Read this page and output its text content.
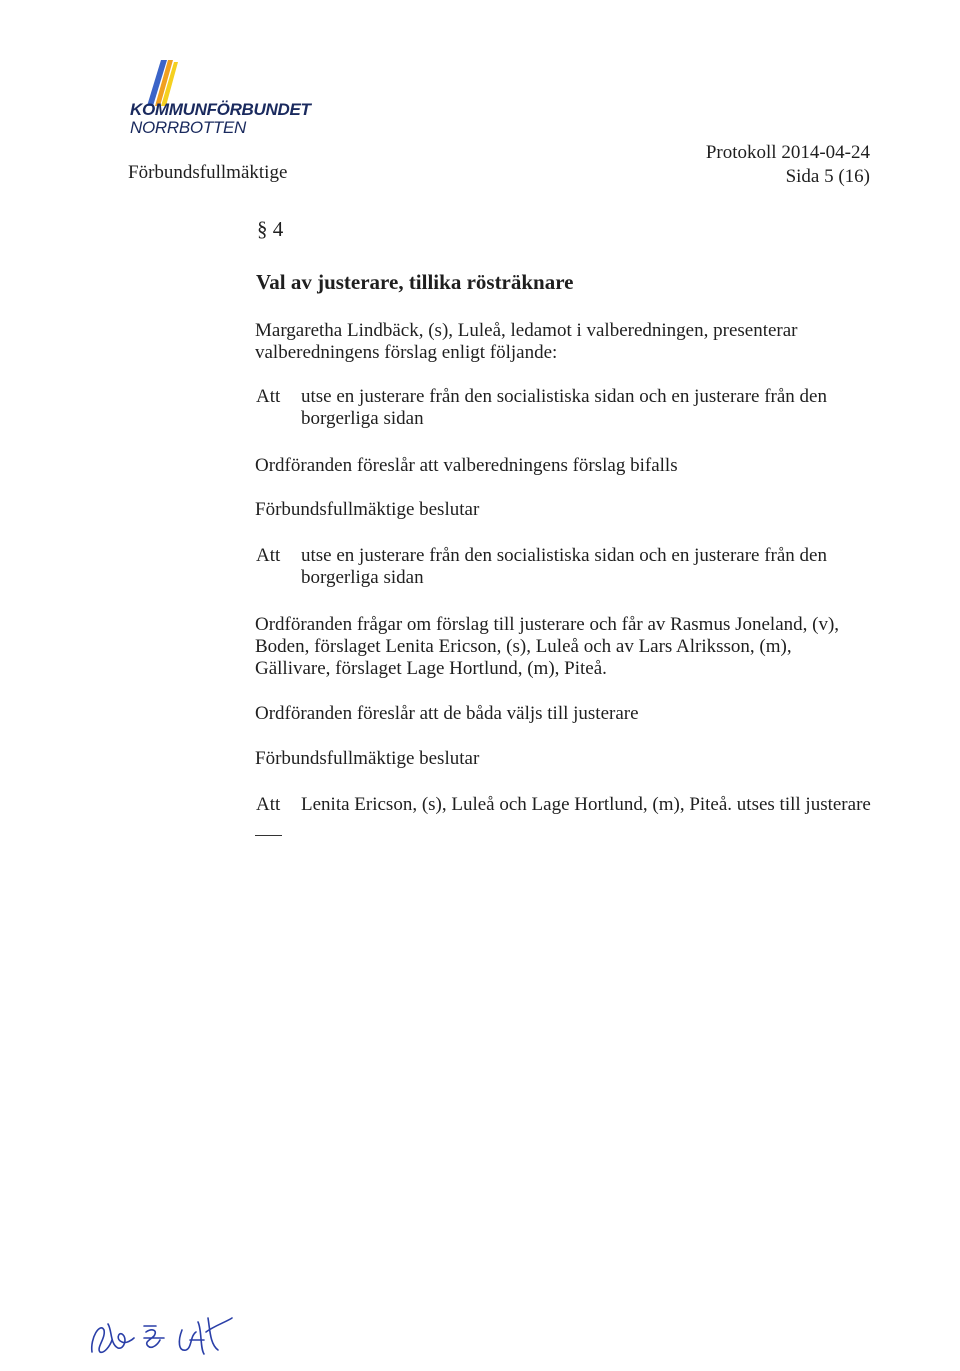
KOMMUNFÖRBUNDET
NORRBOTTEN
Förbundsfullmäktige
Protokoll 2014-04-24
Sida 5 (16)
§ 4
Val av justerare, tillika rösträknare
Margaretha Lindbäck, (s), Luleå, ledamot i valberedningen, presenterar
valberedningens förslag enligt följande:
Att utse en justerare från den socialistiska sidan och en justerare från den
borgerliga sidan
Ordföranden föreslår att valberedningens förslag bifalls
Förbundsfullmäktige beslutar
Att utse en justerare från den socialistiska sidan och en justerare från den
borgerliga sidan
Ordföranden frågar om förslag till justerare och får av Rasmus Joneland, (v),
Boden, förslaget Lenita Ericson, (s), Luleå och av Lars Alriksson, (m),
Gällivare, förslaget Lage Hortlund, (m), Piteå.
Ordföranden föreslår att de båda väljs till justerare
Förbundsfullmäktige beslutar
Att Lenita Ericson, (s), Luleå och Lage Hortlund, (m), Piteå. utses till justerare
